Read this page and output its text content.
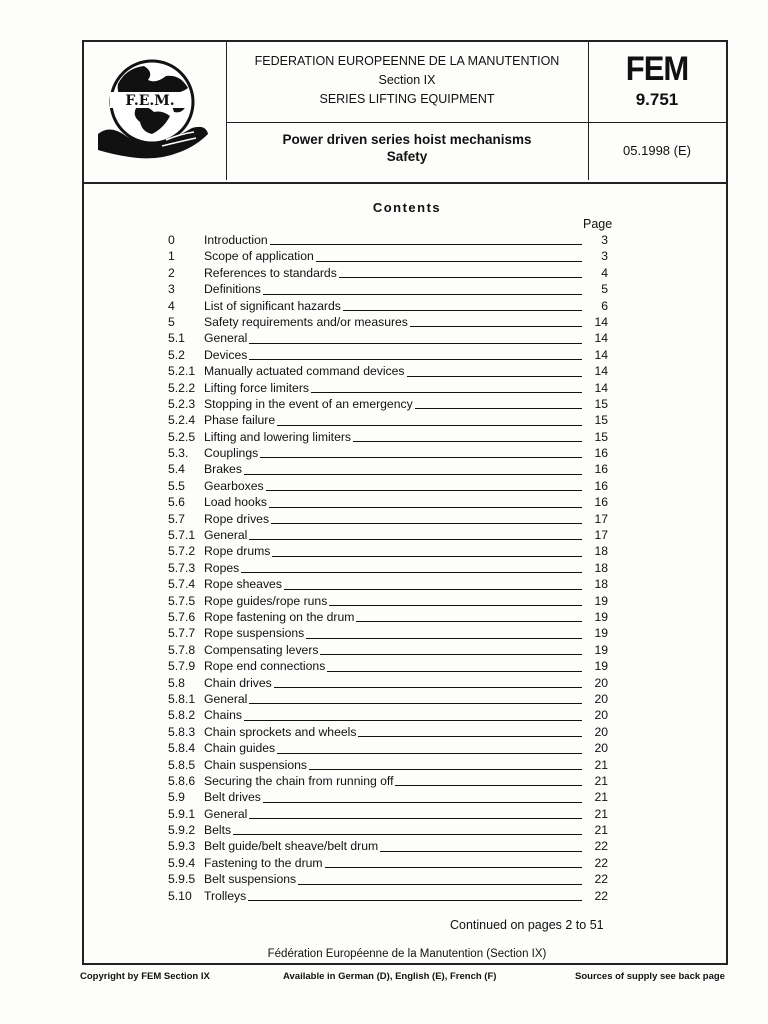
F.E.M.
FEDERATION EUROPEENNE DE LA MANUTENTION
Section IX
SERIES LIFTING EQUIPMENT
Power driven series hoist mechanisms
Safety
FEM
9.751
05.1998 (E)
Contents
Page
0	Introduction	3
1	Scope of application	3
2	References to standards	4
3	Definitions	5
4	List of significant hazards	6
5	Safety requirements and/or measures	14
5.1	General	14
5.2	Devices	14
5.2.1 Manually actuated command devices	14
5.2.2 Lifting force limiters	14
5.2.3 Stopping in the event of an emergency	15
5.2.4 Phase failure	15
5.2.5 Lifting and lowering limiters	15
5.3.	Couplings	16
5.4	Brakes	16
5.5	Gearboxes	16
5.6	Load hooks	16
5.7	Rope drives	17
5.7.1 General	17
5.7.2 Rope drums	18
5.7.3 Ropes	18
5.7.4 Rope sheaves	18
5.7.5 Rope guides/rope runs	19
5.7.6 Rope fastening on the drum	19
5.7.7 Rope suspensions	19
5.7.8 Compensating levers	19
5.7.9 Rope end connections	19
5.8	Chain drives	20
5.8.1 General	20
5.8.2 Chains	20
5.8.3 Chain sprockets and wheels	20
5.8.4 Chain guides	20
5.8.5 Chain suspensions	21
5.8.6 Securing the chain from running off	21
5.9	Belt drives	21
5.9.1 General	21
5.9.2 Belts	21
5.9.3 Belt guide/belt sheave/belt drum	22
5.9.4 Fastening to the drum	22
5.9.5 Belt suspensions	22
5.10	Trolleys	22
Continued on pages 2 to 51
Fédération Européenne de la Manutention (Section IX)
Copyright by FEM Section IX	Available in German (D), English (E), French (F)	Sources of supply see back page
